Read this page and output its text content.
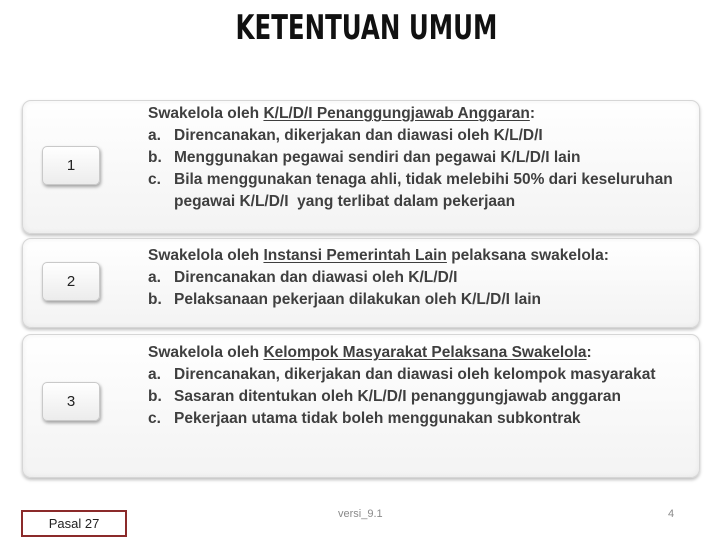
KETENTUAN UMUM
1
2
3
Swakelola oleh K/L/D/I Penanggungjawab Anggaran:
a. Direncanakan, dikerjakan dan diawasi oleh K/L/D/I
b. Menggunakan pegawai sendiri dan pegawai K/L/D/I lain
c. Bila menggunakan tenaga ahli, tidak melebihi 50% dari keseluruhan pegawai K/L/D/I  yang terlibat dalam pekerjaan
Swakelola oleh Instansi Pemerintah Lain pelaksana swakelola:
a. Direncanakan dan diawasi oleh K/L/D/I
b. Pelaksanaan pekerjaan dilakukan oleh K/L/D/I lain
Swakelola oleh Kelompok Masyarakat Pelaksana Swakelola:
a. Direncanakan, dikerjakan dan diawasi oleh kelompok masyarakat
b. Sasaran ditentukan oleh K/L/D/I penanggungjawab anggaran
c. Pekerjaan utama tidak boleh menggunakan subkontrak
Pasal 27
versi_9.1	4
